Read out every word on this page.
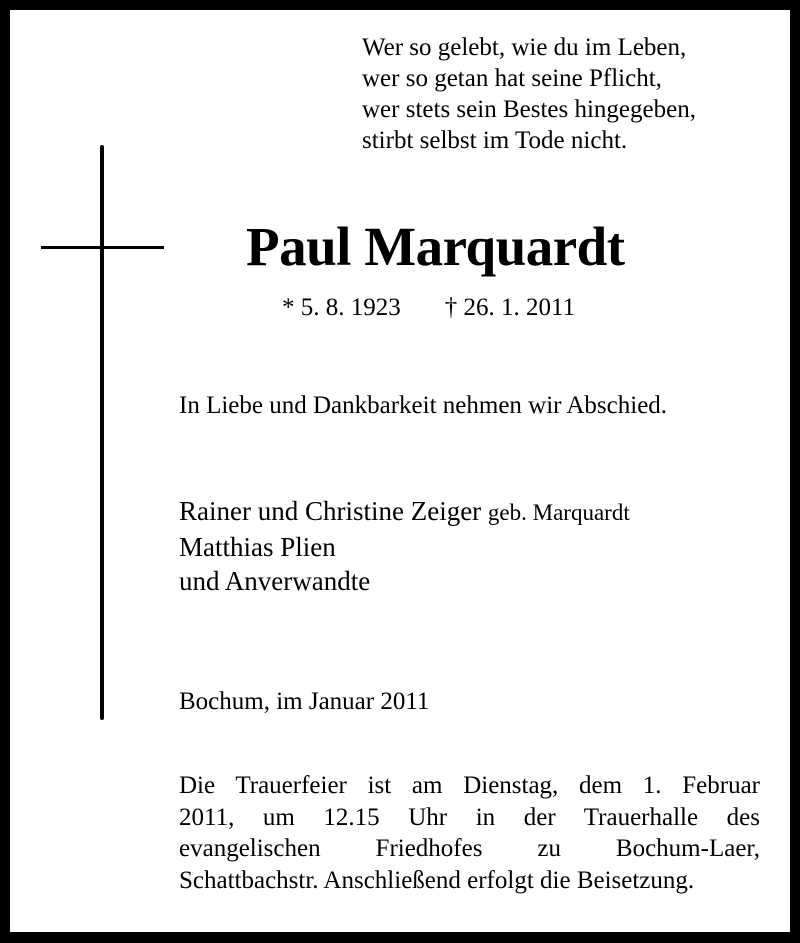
Wer so gelebt, wie du im Leben,
wer so getan hat seine Pflicht,
wer stets sein Bestes hingegeben,
stirbt selbst im Tode nicht.
Paul Marquardt
* 5. 8. 1923 † 26. 1. 2011
In Liebe und Dankbarkeit nehmen wir Abschied.
Rainer und Christine Zeiger geb. Marquardt
Matthias Plien
und Anverwandte
Bochum, im Januar 2011
Die Trauerfeier ist am Dienstag, dem 1. Februar
2011, um 12.15 Uhr in der Trauerhalle des
evangelischen Friedhofes zu Bochum-Laer,
Schattbachstr. Anschließend erfolgt die Beisetzung.
